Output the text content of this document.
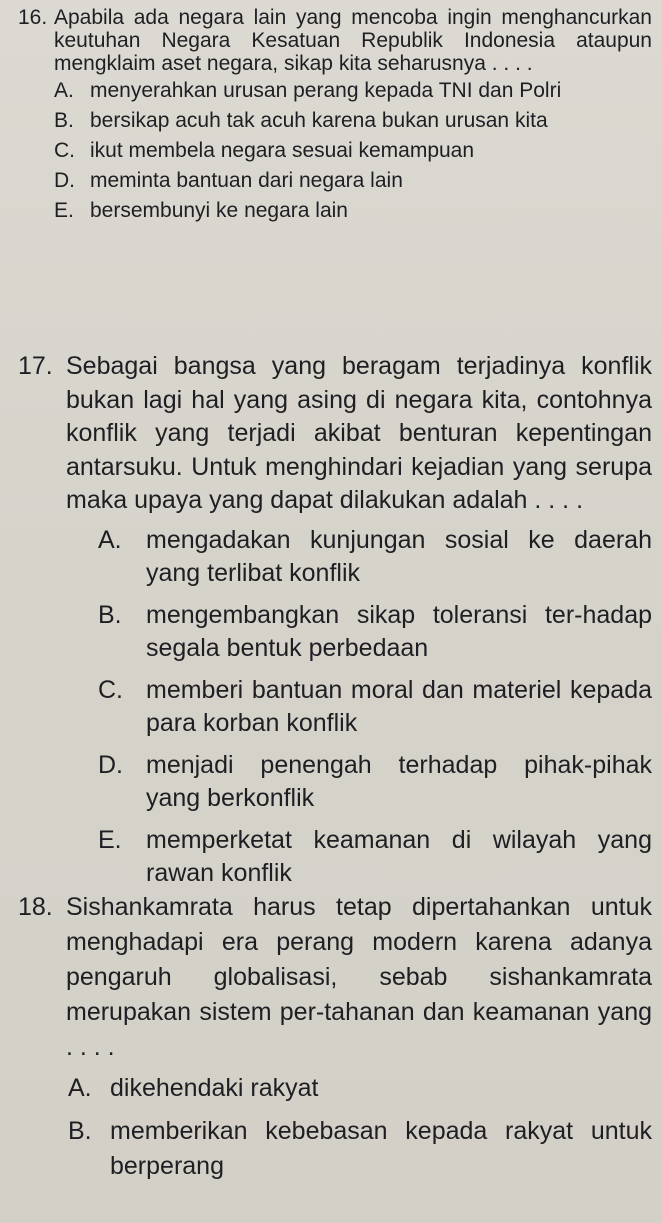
16. Apabila ada negara lain yang mencoba ingin menghancurkan keutuhan Negara Kesatuan Republik Indonesia ataupun mengklaim aset negara, sikap kita seharusnya . . . .

A. menyerahkan urusan perang kepada TNI dan Polri
B. bersikap acuh tak acuh karena bukan urusan kita
C. ikut membela negara sesuai kemampuan
D. meminta bantuan dari negara lain
E. bersembunyi ke negara lain
17. Sebagai bangsa yang beragam terjadinya konflik bukan lagi hal yang asing di negara kita, contohnya konflik yang terjadi akibat benturan kepentingan antarsuku. Untuk menghindari kejadian yang serupa maka upaya yang dapat dilakukan adalah . . . .

A. mengadakan kunjungan sosial ke daerah yang terlibat konflik
B. mengembangkan sikap toleransi ter-hadap segala bentuk perbedaan
C. memberi bantuan moral dan materiel kepada para korban konflik
D. menjadi penengah terhadap pihak-pihak yang berkonflik
E. memperketat keamanan di wilayah yang rawan konflik
18. Sishankamrata harus tetap dipertahankan untuk menghadapi era perang modern karena adanya pengaruh globalisasi, sebab sishankamrata merupakan sistem per-tahanan dan keamanan yang . . . .

A. dikehendaki rakyat
B. memberikan kebebasan kepada rakyat untuk berperang
